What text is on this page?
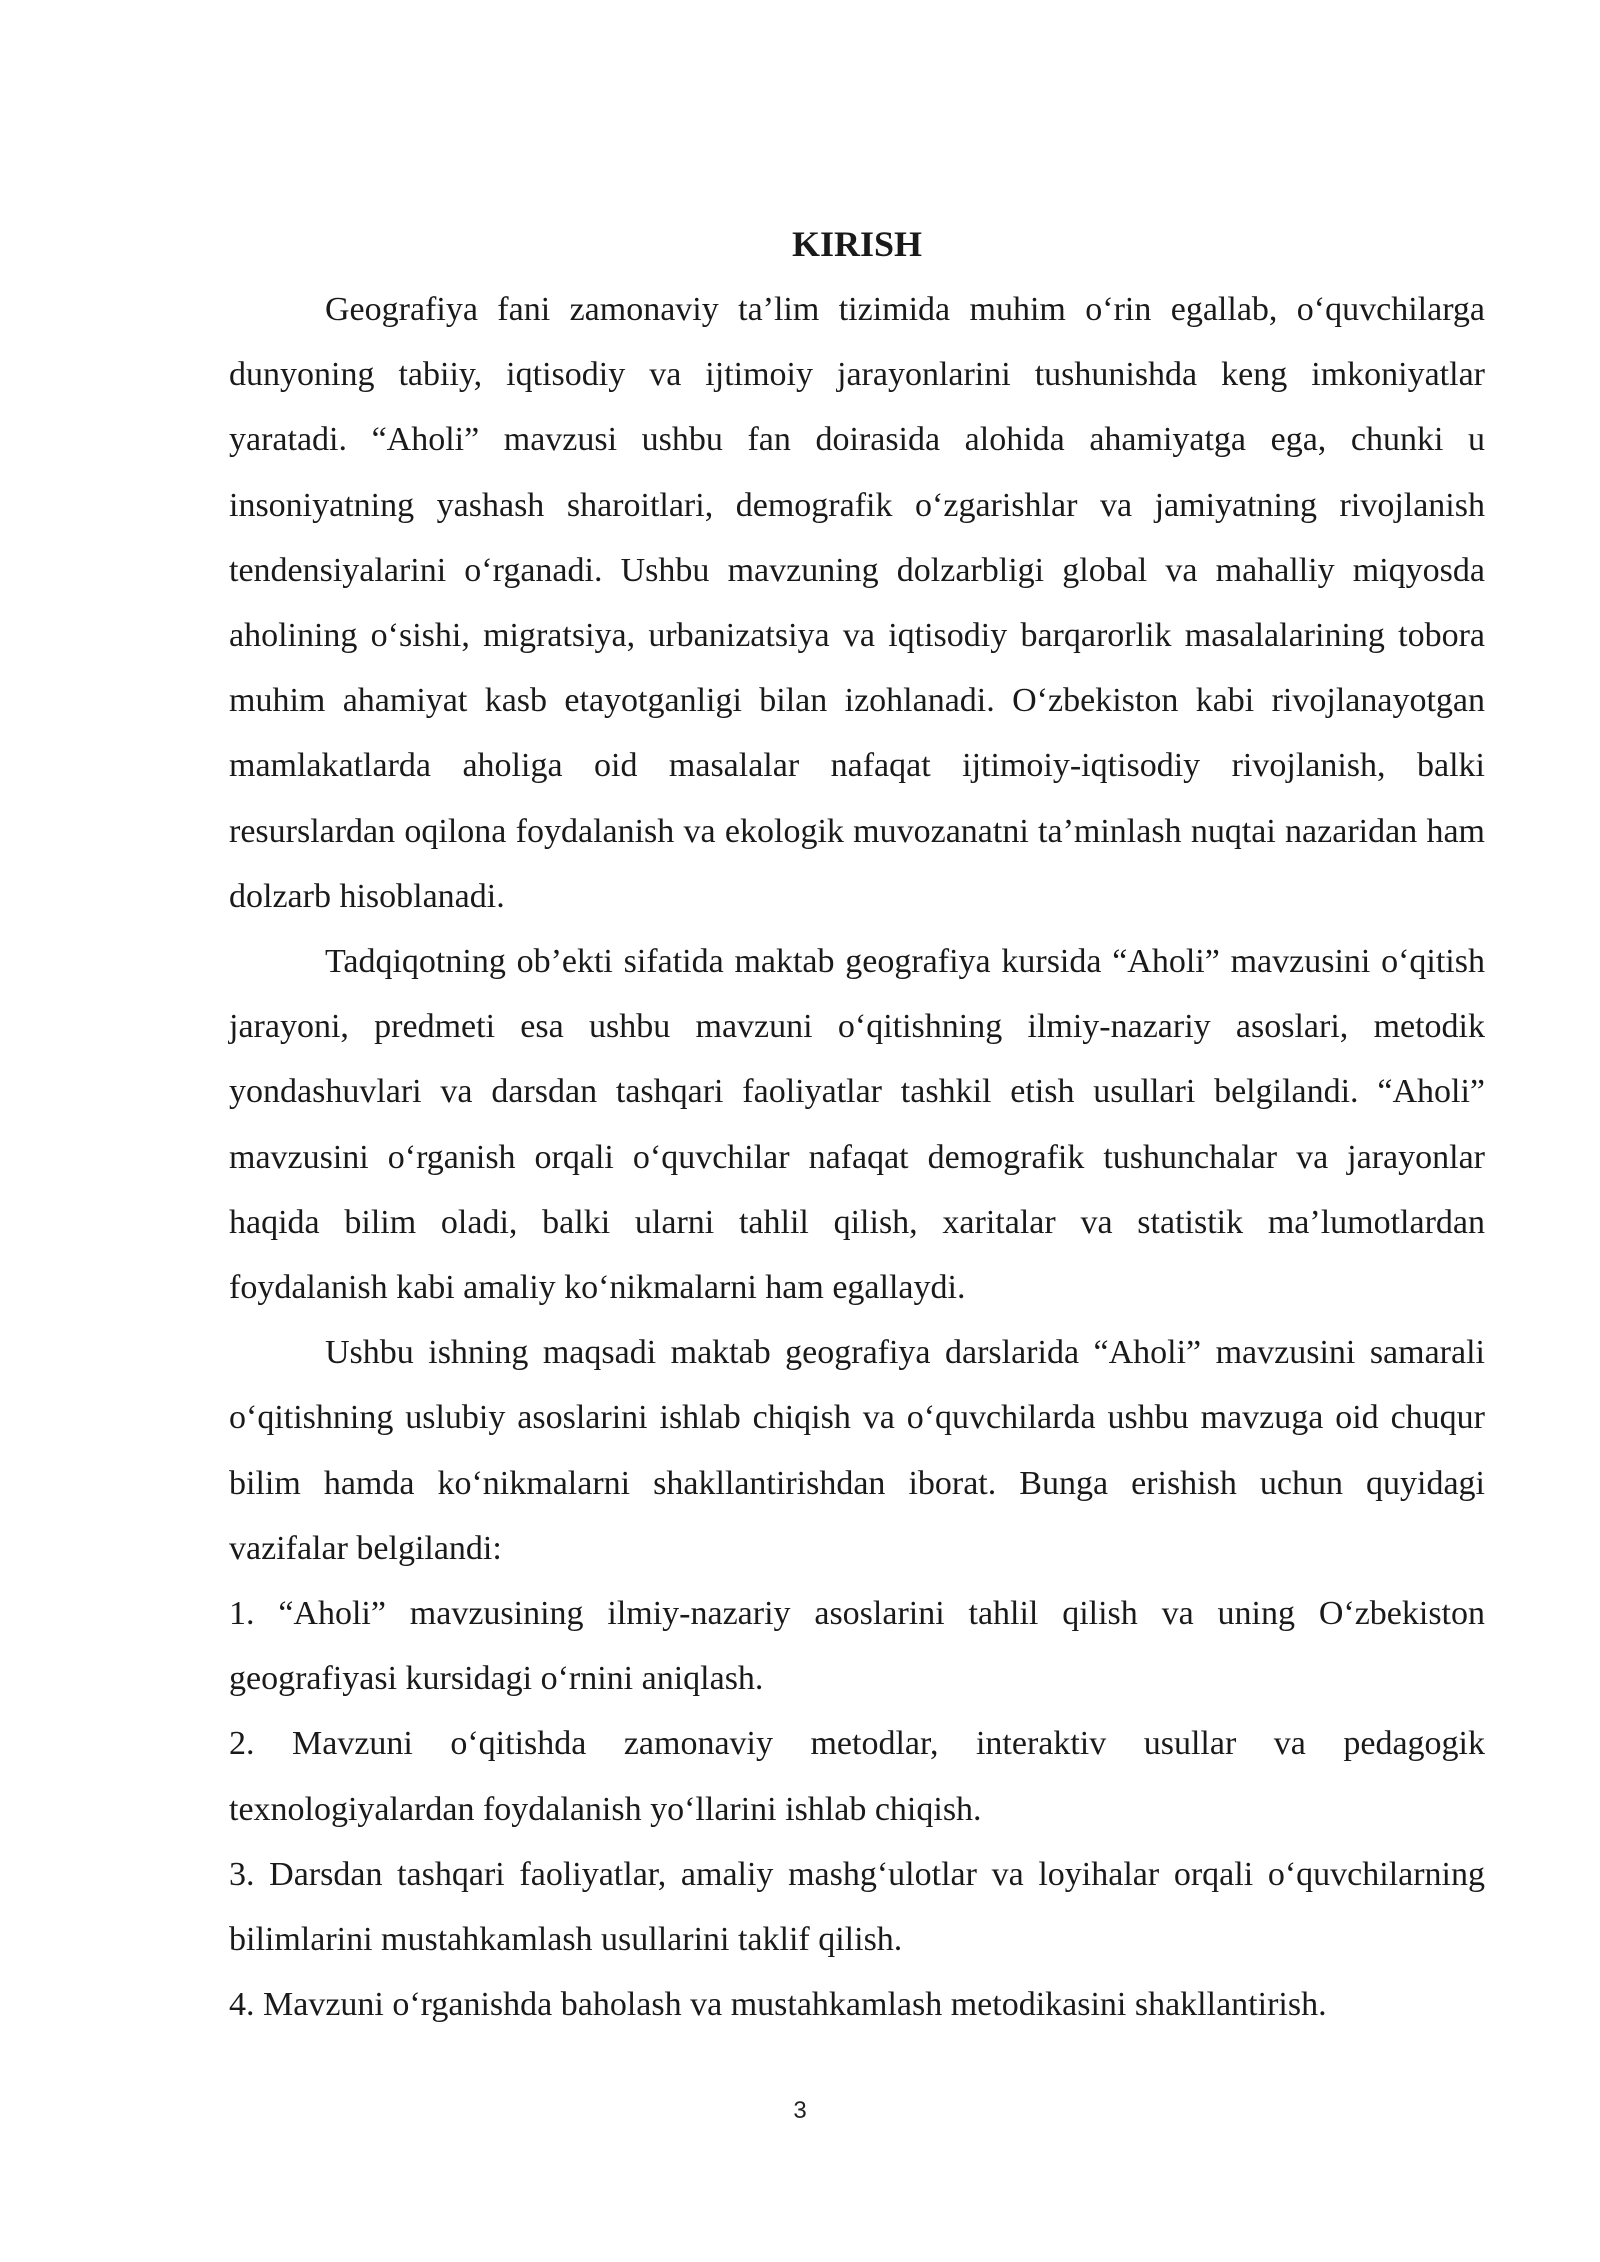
KIRISH

Geografiya fani zamonaviy ta’lim tizimida muhim o‘rin egallab, o‘quvchilarga dunyoning tabiiy, iqtisodiy va ijtimoiy jarayonlarini tushunishda keng imkoniyatlar yaratadi. “Aholi” mavzusi ushbu fan doirasida alohida ahamiyatga ega, chunki u insoniyatning yashash sharoitlari, demografik o‘zgarishlar va jamiyatning rivojlanish tendensiyalarini o‘rganadi. Ushbu mavzuning dolzarbligi global va mahalliy miqyosda aholining o‘sishi, migratsiya, urbanizatsiya va iqtisodiy barqarorlik masalalarining tobora muhim ahamiyat kasb etayotganligi bilan izohlanadi. O‘zbekiston kabi rivojlanayotgan mamlakatlarda aholiga oid masalalar nafaqat ijtimoiy-iqtisodiy rivojlanish, balki resurslardan oqilona foydalanish va ekologik muvozanatni ta’minlash nuqtai nazaridan ham dolzarb hisoblanadi.

Tadqiqotning ob’ekti sifatida maktab geografiya kursida “Aholi” mavzusini o‘qitish jarayoni, predmeti esa ushbu mavzuni o‘qitishning ilmiy-nazariy asoslari, metodik yondashuvlari va darsdan tashqari faoliyatlar tashkil etish usullari belgilandi. “Aholi” mavzusini o‘rganish orqali o‘quvchilar nafaqat demografik tushunchalar va jarayonlar haqida bilim oladi, balki ularni tahlil qilish, xaritalar va statistik ma’lumotlardan foydalanish kabi amaliy ko‘nikmalarni ham egallaydi.

Ushbu ishning maqsadi maktab geografiya darslarida “Aholi” mavzusini samarali o‘qitishning uslubiy asoslarini ishlab chiqish va o‘quvchilarda ushbu mavzuga oid chuqur bilim hamda ko‘nikmalarni shakllantirishdan iborat. Bunga erishish uchun quyidagi vazifalar belgilandi:

1. “Aholi” mavzusining ilmiy-nazariy asoslarini tahlil qilish va uning O‘zbekiston geografiyasi kursidagi o‘rnini aniqlash.

2. Mavzuni o‘qitishda zamonaviy metodlar, interaktiv usullar va pedagogik texnologiyalardan foydalanish yo‘llarini ishlab chiqish.

3. Darsdan tashqari faoliyatlar, amaliy mashg‘ulotlar va loyihalar orqali o‘quvchilarning bilimlarini mustahkamlash usullarini taklif qilish.

4. Mavzuni o‘rganishda baholash va mustahkamlash metodikasini shakllantirish.

3
